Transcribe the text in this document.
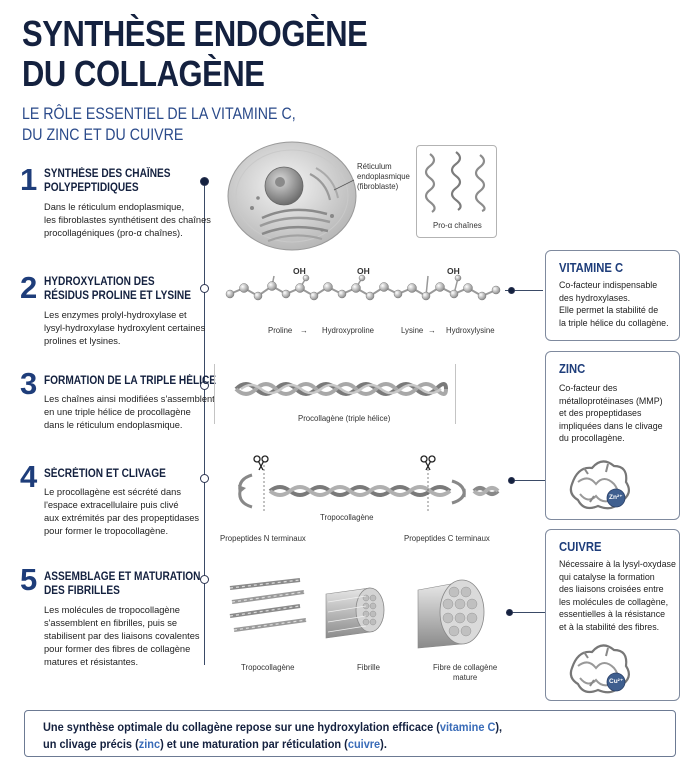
SYNTHÈSE ENDOGÈNE
DU COLLAGÈNE
LE RÔLE ESSENTIEL DE LA VITAMINE C,
DU ZINC ET DU CUIVRE
1 SYNTHÈSE DES CHAÎNES
POLYPEPTIDIQUES
Dans le réticulum endoplasmique,
les fibroblastes synthétisent des chaînes
procollagéniques (pro-α chaînes).
2 HYDROXYLATION DES
RÉSIDUS PROLINE ET LYSINE
Les enzymes prolyl-hydroxylase et
lysyl-hydroxylase hydroxylent certaines
prolines et lysines.
3 FORMATION DE LA TRIPLE HÉLICE
Les chaînes ainsi modifiées s'assemblent
en une triple hélice de procollagène
dans le réticulum endoplasmique.
4 SÉCRÉTION ET CLIVAGE
Le procollagène est sécrété dans
l'espace extracellulaire puis clivé
aux extrémités par des propeptidases
pour former le tropocollagène.
5 ASSEMBLAGE ET MATURATION
DES FIBRILLES
Les molécules de tropocollagène
s'assemblent en fibrilles, puis se
stabilisent par des liaisons covalentes
pour former des fibres de collagène
matures et résistantes.
Réticulum
endoplasmique
(fibroblaste)
Pro-α chaînes
OH	OH	OH
Proline → Hydroxyproline	Lysine → Hydroxylysine
Procollagène (triple hélice)
Tropocollagène
Propeptides N terminaux	Propeptides C terminaux
Tropocollagène	Fibrille	Fibre de collagène
mature
VITAMINE C
Co-facteur indispensable
des hydroxylases.
Elle permet la stabilité de
la triple hélice du collagène.
ZINC
Co-facteur des
métalloprotéinases (MMP)
et des propeptidases
impliquées dans le clivage
du procollagène.
Zn²⁺
CUIVRE
Nécessaire à la lysyl-oxydase
qui catalyse la formation
des liaisons croisées entre
les molécules de collagène,
essentielles à la résistance
et à la stabilité des fibres.
Cu²⁺
Une synthèse optimale du collagène repose sur une hydroxylation efficace (vitamine C),
un clivage précis (zinc) et une maturation par réticulation (cuivre).
